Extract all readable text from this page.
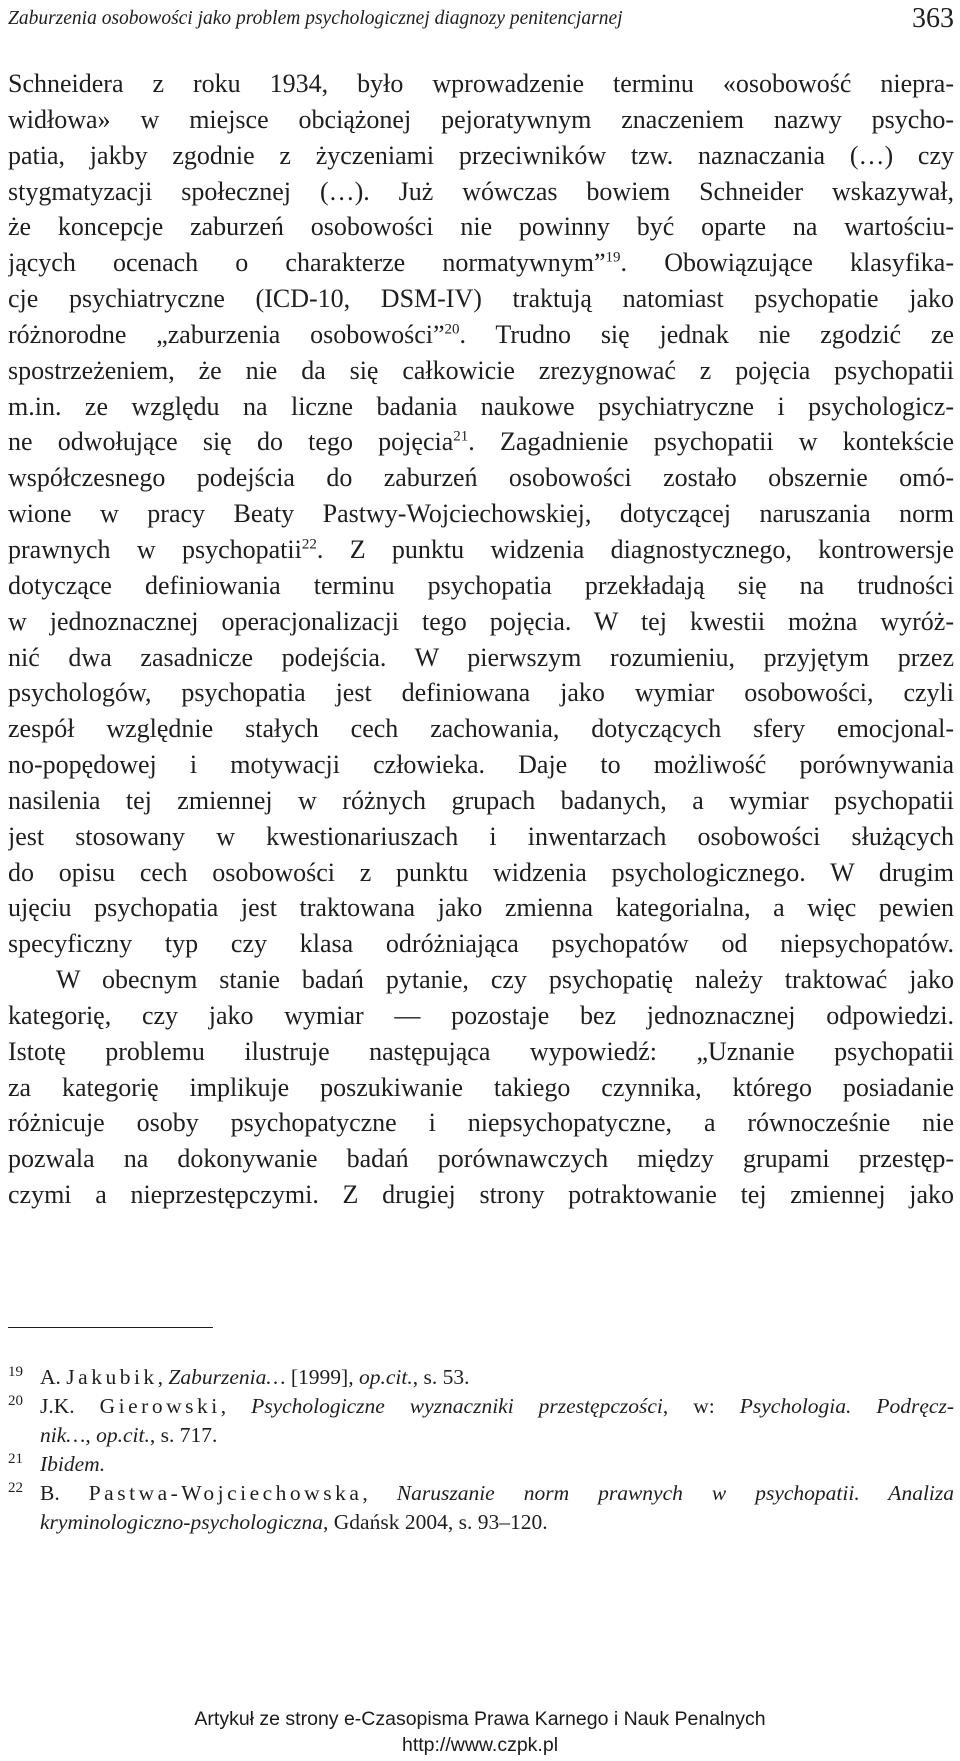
Zaburzenia osobowości jako problem psychologicznej diagnozy penitencjarnej	363
Schneidera z roku 1934, było wprowadzenie terminu «osobowość niepra-
widłowa» w miejsce obciążonej pejoratywnym znaczeniem nazwy psycho-
patia, jakby zgodnie z życzeniami przeciwników tzw. naznaczania (…) czy
stygmatyzacji społecznej (…). Już wówczas bowiem Schneider wskazywał,
że koncepcje zaburzeń osobowości nie powinny być oparte na wartościu-
jących ocenach o charakterze normatywnym”$^{19}$. Obowiązujące klasyfika-
cje psychiatryczne (ICD-10, DSM-IV) traktują natomiast psychopatie jako
różnorodne „zaburzenia osobowości”$^{20}$. Trudno się jednak nie zgodzić ze
spostrzeżeniem, że nie da się całkowicie zrezygnować z pojęcia psychopatii
m.in. ze względu na liczne badania naukowe psychiatryczne i psychologicz-
ne odwołujące się do tego pojęcia$^{21}$. Zagadnienie psychopatii w kontekście
współczesnego podejścia do zaburzeń osobowości zostało obszernie omó-
wione w pracy Beaty Pastwy-Wojciechowskiej, dotyczącej naruszania norm
prawnych w psychopatii$^{22}$. Z punktu widzenia diagnostycznego, kontrowersje
dotyczące definiowania terminu psychopatia przekładają się na trudności
w jednoznacznej operacjonalizacji tego pojęcia. W tej kwestii można wyróż-
nić dwa zasadnicze podejścia. W pierwszym rozumieniu, przyjętym przez
psychologów, psychopatia jest definiowana jako wymiar osobowości, czyli
zespół względnie stałych cech zachowania, dotyczących sfery emocjonal-
no-popędowej i motywacji człowieka. Daje to możliwość porównywania
nasilenia tej zmiennej w różnych grupach badanych, a wymiar psychopatii
jest stosowany w kwestionariuszach i inwentarzach osobowości służących
do opisu cech osobowości z punktu widzenia psychologicznego. W drugim
ujęciu psychopatia jest traktowana jako zmienna kategorialna, a więc pewien
specyficzny typ czy klasa odróżniająca psychopatów od niepsychopatów.
W obecnym stanie badań pytanie, czy psychopatię należy traktować jako
kategorię, czy jako wymiar — pozostaje bez jednoznacznej odpowiedzi.
Istotę problemu ilustruje następująca wypowiedź: „Uznanie psychopatii
za kategorię implikuje poszukiwanie takiego czynnika, którego posiadanie
różnicuje osoby psychopatyczne i niepsychopatyczne, a równocześnie nie
pozwala na dokonywanie badań porównawczych między grupami przestęp-
czymi a nieprzestępczymi. Z drugiej strony potraktowanie tej zmiennej jako
19 A. Jakubik, Zaburzenia… [1999], op.cit., s. 53.
20 J.K. Gierowski, Psychologiczne wyznaczniki przestępczości, w: Psychologia. Podręcz-
nik…, op.cit., s. 717.
21 Ibidem.
22 B. Pastwa-Wojciechowska, Naruszanie norm prawnych w psychopatii. Analiza
kryminologiczno-psychologiczna, Gdańsk 2004, s. 93–120.
Artykuł ze strony e-Czasopisma Prawa Karnego i Nauk Penalnych
http://www.czpk.pl
